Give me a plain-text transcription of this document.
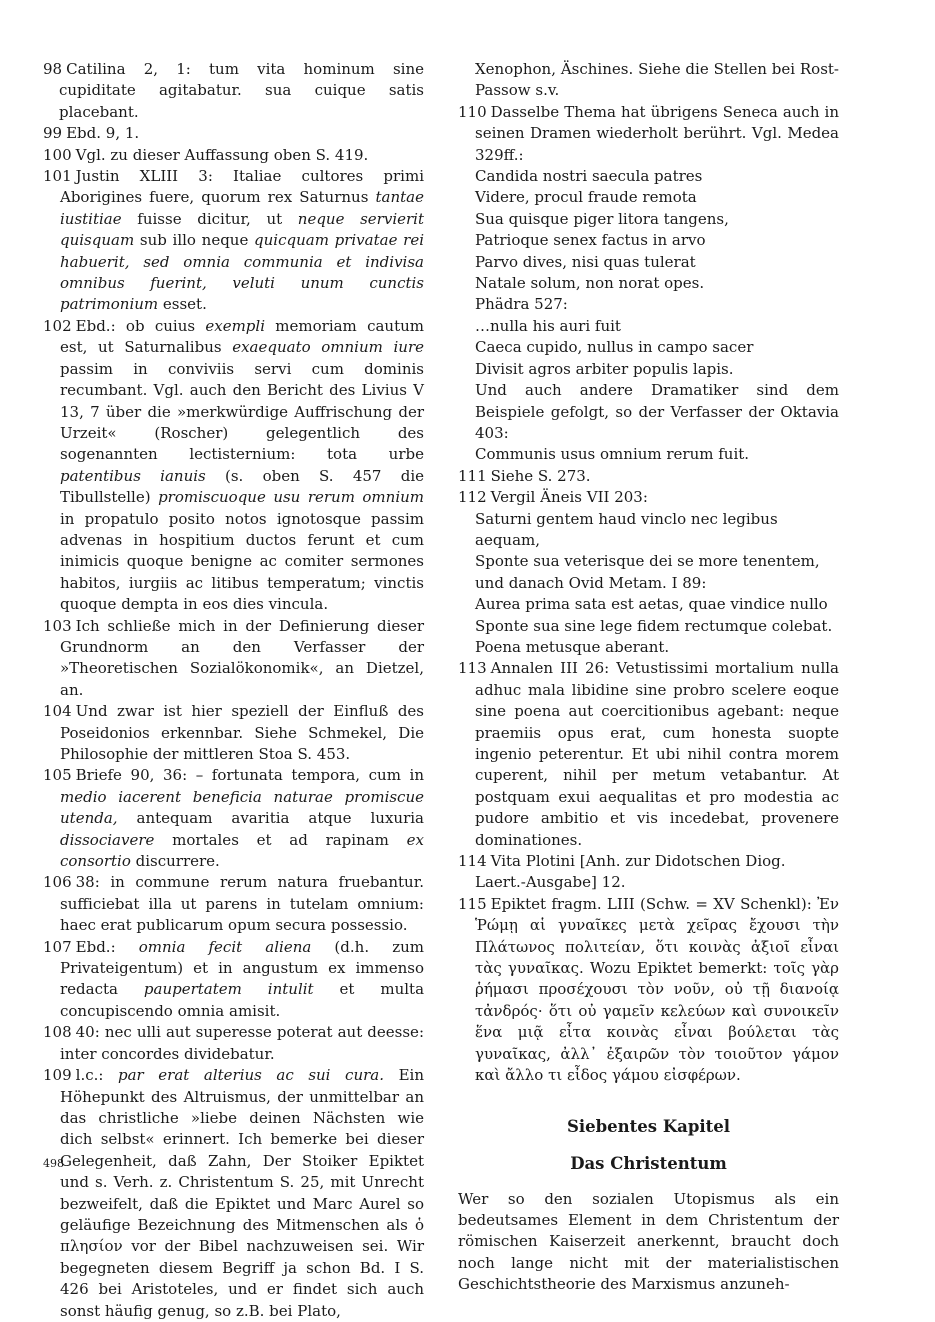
98 Catilina 2, 1: tum vita hominum sine cupiditate agitabatur. sua cuique satis placebant.

99 Ebd. 9, 1.

100 Vgl. zu dieser Auffassung oben S. 419.

101 Justin XLIII 3: Italiae cultores primi Aborigines fuere, quorum rex Saturnus tantae iustitiae fuisse dicitur, ut neque servierit quisquam sub illo neque quicquam privatae rei habuerit, sed omnia communia et indivisa omnibus fuerint, veluti unum cunctis patrimonium esset.

102 Ebd.: ob cuius exempli memoriam cautum est, ut Saturnalibus exaequato omnium iure passim in conviviis servi cum dominis recumbant. Vgl. auch den Bericht des Livius V 13, 7 über die »merkwürdige Auffrischung der Urzeit« (Roscher) gelegentlich des sogenannten lectisternium: tota urbe patentibus ianuis (s. oben S. 457 die Tibullstelle) promiscuoque usu rerum omnium in propatulo posito notos ignotosque passim advenas in hospitium ductos ferunt et cum inimicis quoque benigne ac comiter sermones habitos, iurgiis ac litibus temperatum; vinctis quoque dempta in eos dies vincula.

103 Ich schließe mich in der Definierung dieser Grundnorm an den Verfasser der »Theoretischen Sozialökonomik«, an Dietzel, an.

104 Und zwar ist hier speziell der Einfluß des Poseidonios erkennbar. Siehe Schmekel, Die Philosophie der mittleren Stoa S. 453.

105 Briefe 90, 36: – fortunata tempora, cum in medio iacerent beneficia naturae promiscue utenda, antequam avaritia atque luxuria dissociavere mortales et ad rapinam ex consortio discurrere.

106 38: in commune rerum natura fruebantur. sufficiebat illa ut parens in tutelam omnium: haec erat publicarum opum secura possessio.

107 Ebd.: omnia fecit aliena (d.h. zum Privateigentum) et in angustum ex immenso redacta paupertatem intulit et multa concupiscendo omnia amisit.

108 40: nec ulli aut superesse poterat aut deesse: inter concordes dividebatur.

109 l.c.: par erat alterius ac sui cura. Ein Höhepunkt des Altruismus, der unmittelbar an das christliche »liebe deinen Nächsten wie dich selbst« erinnert. Ich bemerke bei dieser Gelegenheit, daß Zahn, Der Stoiker Epiktet und s. Verh. z. Christentum S. 25, mit Unrecht bezweifelt, daß die Epiktet und Marc Aurel so geläufige Bezeichnung des Mitmenschen als ὁ πλησίον vor der Bibel nachzuweisen sei. Wir begegneten diesem Begriff ja schon Bd. I S. 426 bei Aristoteles, und er findet sich auch sonst häufig genug, so z.B. bei Plato,

Xenophon, Äschines. Siehe die Stellen bei Rost-Passow s.v.

110 Dasselbe Thema hat übrigens Seneca auch in seinen Dramen wiederholt berührt. Vgl. Medea 329ff.:

Candida nostri saecula patres
Videre, procul fraude remota
Sua quisque piger litora tangens,
Patrioque senex factus in arvo
Parvo dives, nisi quas tulerat
Natale solum, non norat opes.
Phädra 527:
…nulla his auri fuit
Caeca cupido, nullus in campo sacer
Divisit agros arbiter populis lapis.

Und auch andere Dramatiker sind dem Beispiele gefolgt, so der Verfasser der Oktavia 403:

Communis usus omnium rerum fuit.

111 Siehe S. 273.

112 Vergil Äneis VII 203:

Saturni gentem haud vinclo nec legibus aequam,
Sponte sua veterisque dei se more tenentem,
und danach Ovid Metam. I 89:
Aurea prima sata est aetas, quae vindice nullo
Sponte sua sine lege fidem rectumque colebat.
Poena metusque aberant.

113 Annalen III 26: Vetustissimi mortalium nulla adhuc mala libidine sine probro scelere eoque sine poena aut coercitionibus agebant: neque praemiis opus erat, cum honesta suopte ingenio peterentur. Et ubi nihil contra morem cuperent, nihil per metum vetabantur. At postquam exui aequalitas et pro modestia ac pudore ambitio et vis incedebat, provenere dominationes.

114 Vita Plotini [Anh. zur Didotschen Diog.
Laert.-Ausgabe] 12.

115 Epiktet fragm. LIII (Schw. = XV Schenkl): Ἐν Ῥώμῃ αἱ γυναῖκες μετὰ χεῖρας ἔχουσι τὴν Πλάτωνος πολιτείαν, ὅτι κοινὰς ἀξιοῖ εἶναι τὰς γυναῖκας. Wozu Epiktet bemerkt: τοῖς γὰρ ῥήμασι προσέχουσι τὸν νοῦν, οὐ τῇ διανοίᾳ τἀνδρός· ὅτι οὐ γαμεῖν κελεύων καὶ συνοικεῖν ἕνα μιᾷ εἶτα κοινὰς εἶναι βούλεται τὰς γυναῖκας, ἀλλ᾽ ἐξαιρῶν τὸν τοιοῦτον γάμον καὶ ἄλλο τι εἶδος γάμου εἰσφέρων.

Siebentes Kapitel
Das Christentum

Wer so den sozialen Utopismus als ein bedeutsames Element in dem Christentum der römischen Kaiserzeit anerkennt, braucht doch noch lange nicht mit der materialistischen Geschichtstheorie des Marxismus anzuneh-

498
